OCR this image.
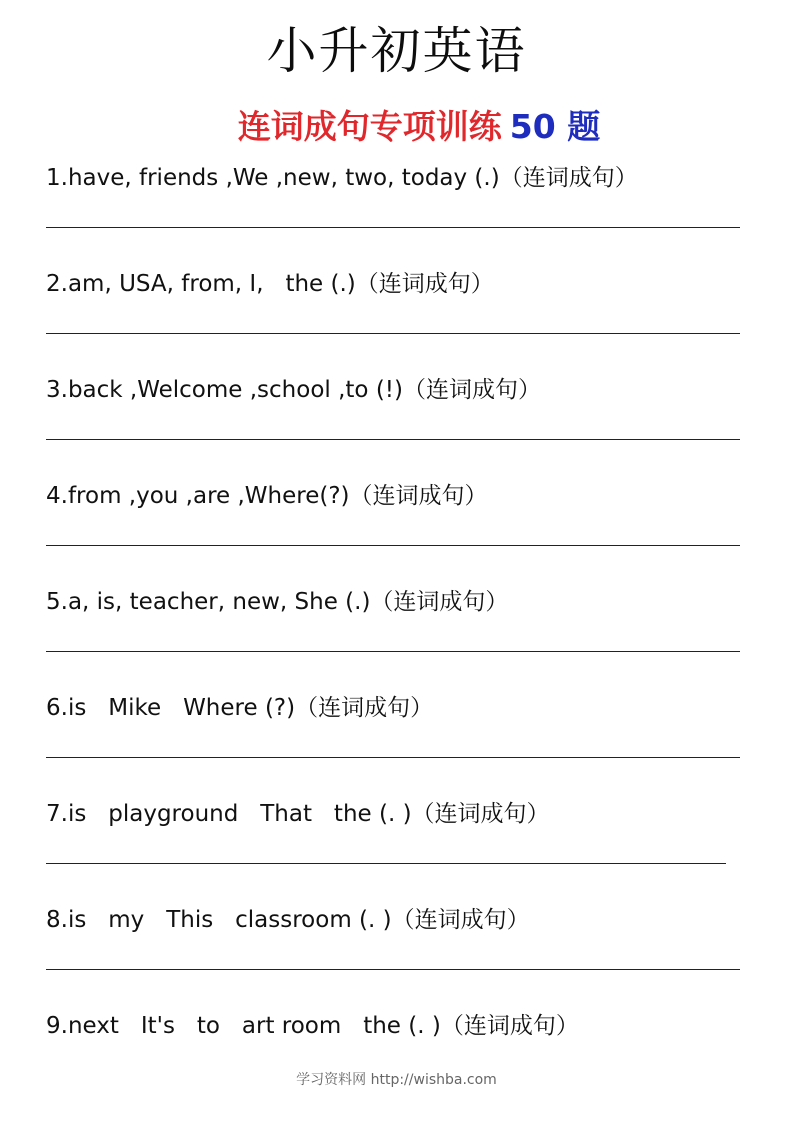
小升初英语
连词成句专项训练 50 题
1.have, friends ,We ,new, two, today (.)（连词成句）
2.am, USA, from, I,   the (.)（连词成句）
3.back ,Welcome ,school ,to (!)（连词成句）
4.from ,you ,are ,Where(?)（连词成句）
5.a, is, teacher, new, She (.)（连词成句）
6.is   Mike   Where (?)（连词成句）
7.is   playground   That   the (. )（连词成句）
8.is   my   This   classroom (. )（连词成句）
9.next   It's   to   art room   the (. )（连词成句）
学习资料网 http://wishba.com
